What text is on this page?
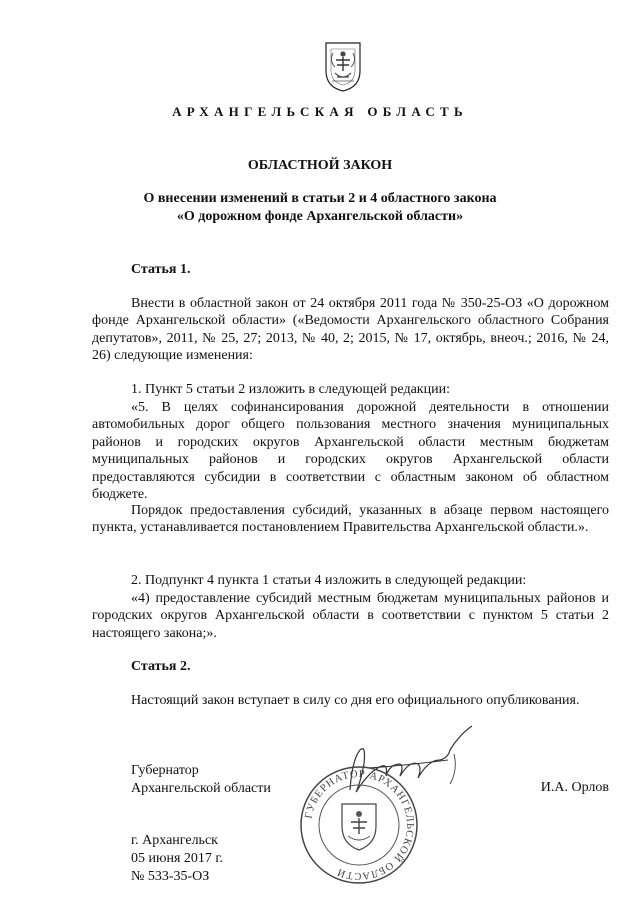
АРХАНГЕЛЬСКАЯ ОБЛАСТЬ
ОБЛАСТНОЙ ЗАКОН
О внесении изменений в статьи 2 и 4 областного закона
«О дорожном фонде Архангельской области»
Статья 1.

Внести в областной закон от 24 октября 2011 года № 350-25-ОЗ «О дорожном фонде Архангельской области» («Ведомости Архангельского областного Собрания депутатов», 2011, № 25, 27; 2013, № 40, 2; 2015, № 17, октябрь, внеоч.; 2016, № 24, 26) следующие изменения:

1. Пункт 5 статьи 2 изложить в следующей редакции:

«5. В целях софинансирования дорожной деятельности в отношении автомобильных дорог общего пользования местного значения муниципальных районов и городских округов Архангельской области местным бюджетам муниципальных районов и городских округов Архангельской области предоставляются субсидии в соответствии с областным законом об областном бюджете.

Порядок предоставления субсидий, указанных в абзаце первом настоящего пункта, устанавливается постановлением Правительства Архангельской области.».

2. Подпункт 4 пункта 1 статьи 4 изложить в следующей редакции:

«4) предоставление субсидий местным бюджетам муниципальных районов и городских округов Архангельской области в соответствии с пунктом 5 статьи 2 настоящего закона;».

Статья 2.

Настоящий закон вступает в силу со дня его официального опубликования.

Губернатор
Архангельской области	И.А. Орлов
ГУБЕРНАТОР АРХАНГЕЛЬСКОЙ ОБЛАСТИ
г. Архангельск
05 июня 2017 г.
№ 533-35-ОЗ
